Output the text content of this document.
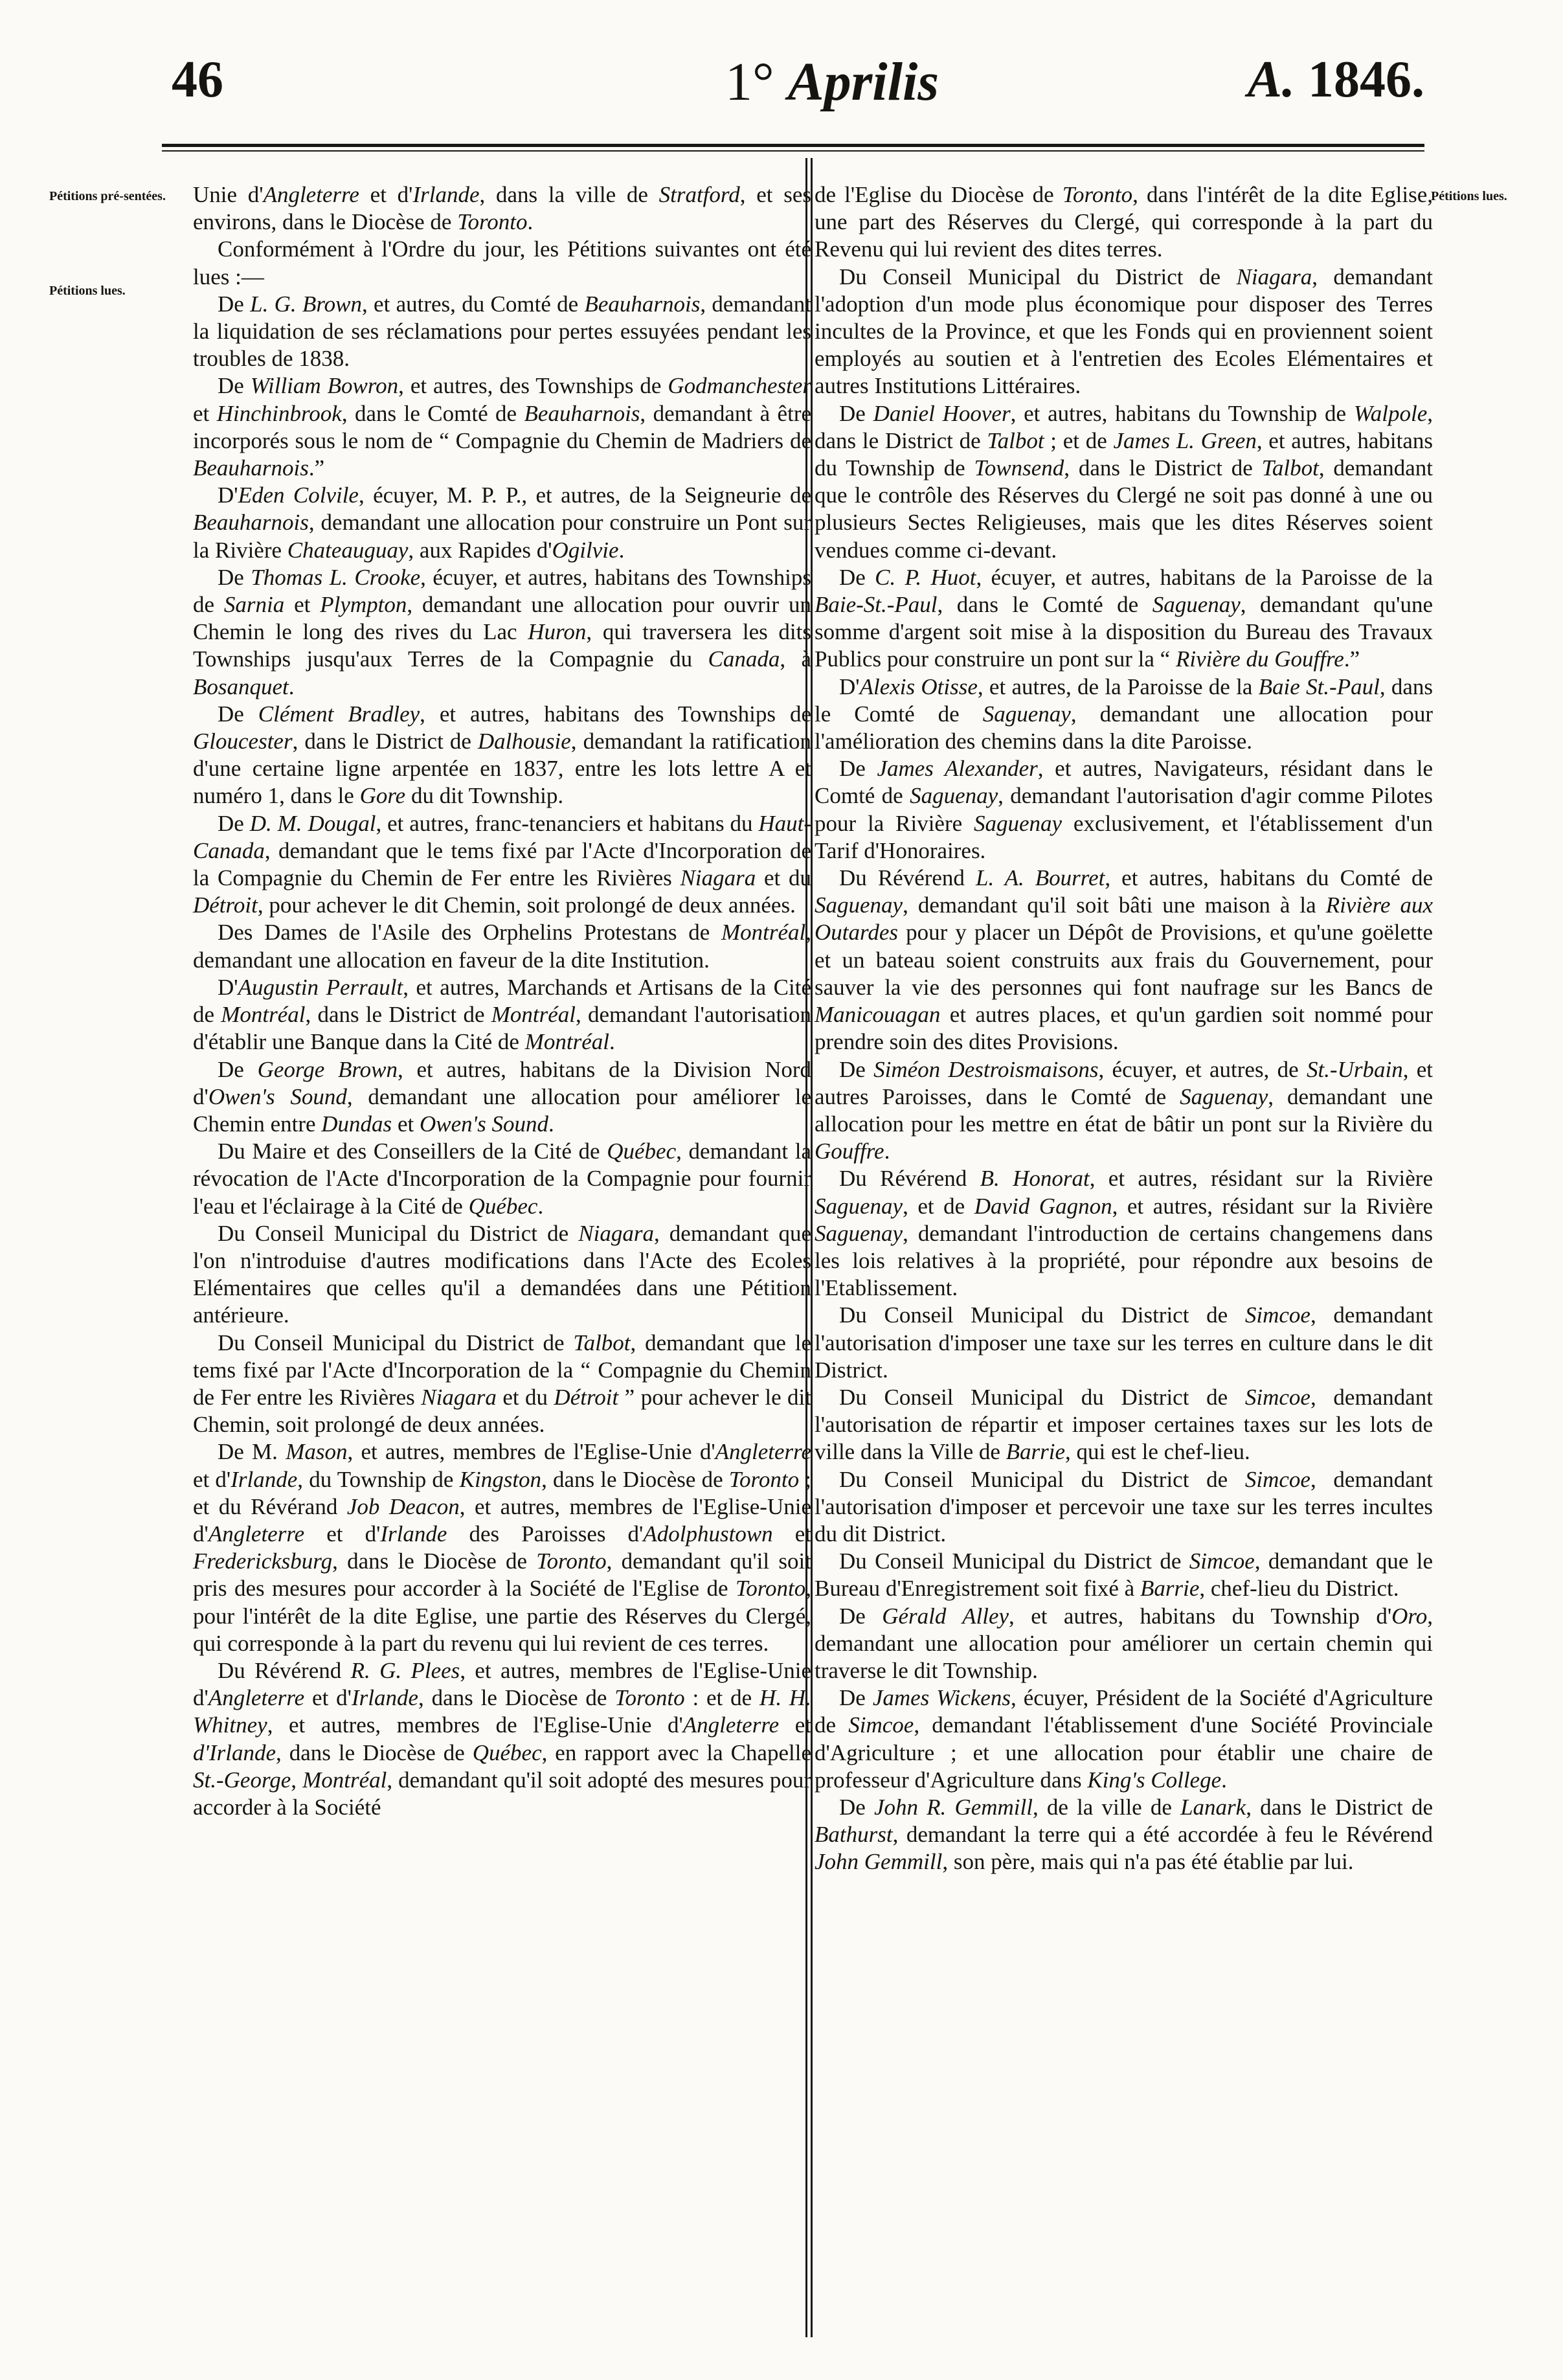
46	1° Aprilis	A. 1846.
Pétitions pré-sentées.
Pétitions lues.
Pétitions lues.

Unie d'Angleterre et d'Irlande, dans la ville de Stratford, et ses environs, dans le Diocèse de Toronto.

Conformément à l'Ordre du jour, les Pétitions suivantes ont été lues :—

De L. G. Brown, et autres, du Comté de Beauharnois, demandant la liquidation de ses réclamations pour pertes essuyées pendant les troubles de 1838.

De William Bowron, et autres, des Townships de Godmanchester et Hinchinbrook, dans le Comté de Beauharnois, demandant à être incorporés sous le nom de “ Compagnie du Chemin de Madriers de Beauharnois.”

D'Eden Colvile, écuyer, M. P. P., et autres, de la Seigneurie de Beauharnois, demandant une allocation pour construire un Pont sur la Rivière Chateauguay, aux Rapides d'Ogilvie.

De Thomas L. Crooke, écuyer, et autres, habitans des Townships de Sarnia et Plympton, demandant une allocation pour ouvrir un Chemin le long des rives du Lac Huron, qui traversera les dits Townships jusqu'aux Terres de la Compagnie du Canada, à Bosanquet.

De Clément Bradley, et autres, habitans des Townships de Gloucester, dans le District de Dalhousie, demandant la ratification d'une certaine ligne arpentée en 1837, entre les lots lettre A et numéro 1, dans le Gore du dit Township.

De D. M. Dougal, et autres, franc-tenanciers et habitans du Haut-Canada, demandant que le tems fixé par l'Acte d'Incorporation de la Compagnie du Chemin de Fer entre les Rivières Niagara et du Détroit, pour achever le dit Chemin, soit prolongé de deux années.

Des Dames de l'Asile des Orphelins Protestans de Montréal, demandant une allocation en faveur de la dite Institution.

D'Augustin Perrault, et autres, Marchands et Artisans de la Cité de Montréal, dans le District de Montréal, demandant l'autorisation d'établir une Banque dans la Cité de Montréal.

De George Brown, et autres, habitans de la Division Nord d'Owen's Sound, demandant une allocation pour améliorer le Chemin entre Dundas et Owen's Sound.

Du Maire et des Conseillers de la Cité de Québec, demandant la révocation de l'Acte d'Incorporation de la Compagnie pour fournir l'eau et l'éclairage à la Cité de Québec.

Du Conseil Municipal du District de Niagara, demandant que l'on n'introduise d'autres modifications dans l'Acte des Ecoles Elémentaires que celles qu'il a demandées dans une Pétition antérieure.

Du Conseil Municipal du District de Talbot, demandant que le tems fixé par l'Acte d'Incorporation de la “ Compagnie du Chemin de Fer entre les Rivières Niagara et du Détroit ” pour achever le dit Chemin, soit prolongé de deux années.

De M. Mason, et autres, membres de l'Eglise-Unie d'Angleterre et d'Irlande, du Township de Kingston, dans le Diocèse de Toronto ; et du Révérand Job Deacon, et autres, membres de l'Eglise-Unie d'Angleterre et d'Irlande des Paroisses d'Adolphustown et Fredericksburg, dans le Diocèse de Toronto, demandant qu'il soit pris des mesures pour accorder à la Société de l'Eglise de Toronto, pour l'intérêt de la dite Eglise, une partie des Réserves du Clergé, qui corresponde à la part du revenu qui lui revient de ces terres.

Du Révérend R. G. Plees, et autres, membres de l'Eglise-Unie d'Angleterre et d'Irlande, dans le Diocèse de Toronto : et de H. H. Whitney, et autres, membres de l'Eglise-Unie d'Angleterre et d'Irlande, dans le Diocèse de Québec, en rapport avec la Chapelle St.-George, Montréal, demandant qu'il soit adopté des mesures pour accorder à la Société

de l'Eglise du Diocèse de Toronto, dans l'intérêt de la dite Eglise, une part des Réserves du Clergé, qui corresponde à la part du Revenu qui lui revient des dites terres.

Du Conseil Municipal du District de Niagara, demandant l'adoption d'un mode plus économique pour disposer des Terres incultes de la Province, et que les Fonds qui en proviennent soient employés au soutien et à l'entretien des Ecoles Elémentaires et autres Institutions Littéraires.

De Daniel Hoover, et autres, habitans du Township de Walpole, dans le District de Talbot ; et de James L. Green, et autres, habitans du Township de Townsend, dans le District de Talbot, demandant que le contrôle des Réserves du Clergé ne soit pas donné à une ou plusieurs Sectes Religieuses, mais que les dites Réserves soient vendues comme ci-devant.

De C. P. Huot, écuyer, et autres, habitans de la Paroisse de la Baie-St.-Paul, dans le Comté de Saguenay, demandant qu'une somme d'argent soit mise à la disposition du Bureau des Travaux Publics pour construire un pont sur la “ Rivière du Gouffre.”

D'Alexis Otisse, et autres, de la Paroisse de la Baie St.-Paul, dans le Comté de Saguenay, demandant une allocation pour l'amélioration des chemins dans la dite Paroisse.

De James Alexander, et autres, Navigateurs, résidant dans le Comté de Saguenay, demandant l'autorisation d'agir comme Pilotes pour la Rivière Saguenay exclusivement, et l'établissement d'un Tarif d'Honoraires.

Du Révérend L. A. Bourret, et autres, habitans du Comté de Saguenay, demandant qu'il soit bâti une maison à la Rivière aux Outardes pour y placer un Dépôt de Provisions, et qu'une goëlette et un bateau soient construits aux frais du Gouvernement, pour sauver la vie des personnes qui font naufrage sur les Bancs de Manicouagan et autres places, et qu'un gardien soit nommé pour prendre soin des dites Provisions.

De Siméon Destroismaisons, écuyer, et autres, de St.-Urbain, et autres Paroisses, dans le Comté de Saguenay, demandant une allocation pour les mettre en état de bâtir un pont sur la Rivière du Gouffre.

Du Révérend B. Honorat, et autres, résidant sur la Rivière Saguenay, et de David Gagnon, et autres, résidant sur la Rivière Saguenay, demandant l'introduction de certains changemens dans les lois relatives à la propriété, pour répondre aux besoins de l'Etablissement.

Du Conseil Municipal du District de Simcoe, demandant l'autorisation d'imposer une taxe sur les terres en culture dans le dit District.

Du Conseil Municipal du District de Simcoe, demandant l'autorisation de répartir et imposer certaines taxes sur les lots de ville dans la Ville de Barrie, qui est le chef-lieu.

Du Conseil Municipal du District de Simcoe, demandant l'autorisation d'imposer et percevoir une taxe sur les terres incultes du dit District.

Du Conseil Municipal du District de Simcoe, demandant que le Bureau d'Enregistrement soit fixé à Barrie, chef-lieu du District.

De Gérald Alley, et autres, habitans du Township d'Oro, demandant une allocation pour améliorer un certain chemin qui traverse le dit Township.

De James Wickens, écuyer, Président de la Société d'Agriculture de Simcoe, demandant l'établissement d'une Société Provinciale d'Agriculture ; et une allocation pour établir une chaire de professeur d'Agriculture dans King's College.

De John R. Gemmill, de la ville de Lanark, dans le District de Bathurst, demandant la terre qui a été accordée à feu le Révérend John Gemmill, son père, mais qui n'a pas été établie par lui.
